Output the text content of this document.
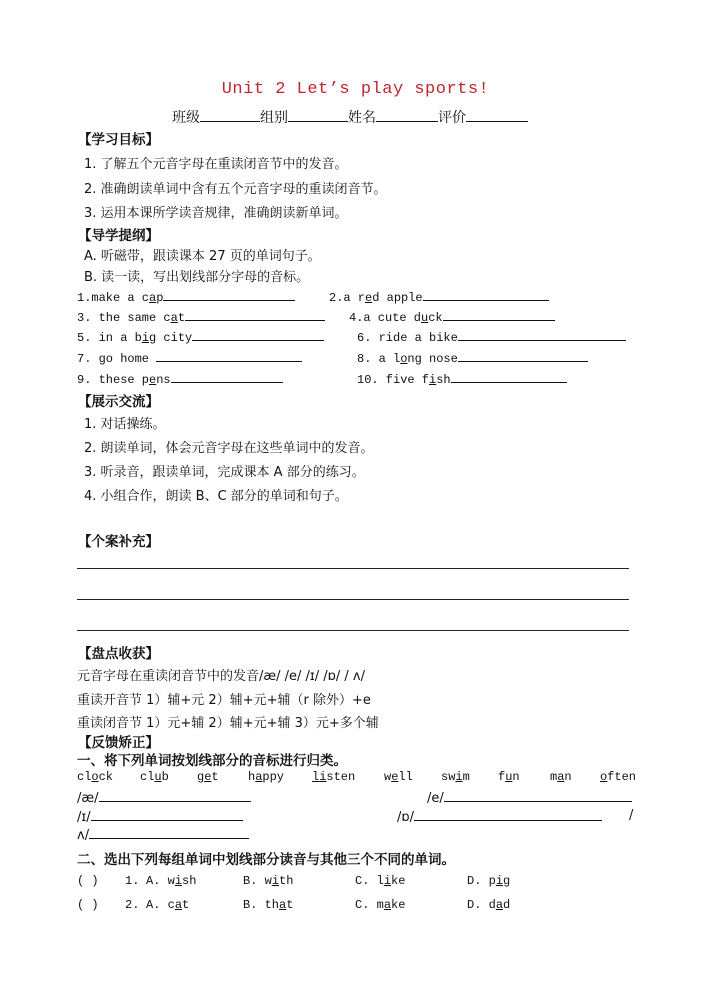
Unit 2 Let’s play sports!
班级	组别	姓名	评价
【学习目标】
1. 了解五个元音字母在重读闭音节中的发音。
2. 准确朗读单词中含有五个元音字母的重读闭音节。
3. 运用本课所学读音规律，准确朗读新单词。
【导学提纲】
A. 听磁带，跟读课本 27 页的单词句子。
B. 读一读，写出划线部分字母的音标。
1.make a cap	2.a red apple
3. the same cat	4.a cute duck
5. in a big city	6. ride a bike
7. go home	8. a long nose
9. these pens	10. five fish
【展示交流】
1. 对话操练。
2. 朗读单词，体会元音字母在这些单词中的发音。
3. 听录音，跟读单词，完成课本 A 部分的练习。
4. 小组合作，朗读 B、C 部分的单词和句子。
【个案补充】
【盘点收获】
元音字母在重读闭音节中的发音/æ/ /e/ /ɪ/ /ɒ/ / ʌ/
重读开音节 1）辅+元 2）辅+元+辅（r 除外）+e
重读闭音节 1）元+辅 2）辅+元+辅 3）元+多个辅
【反馈矫正】
一、将下列单词按划线部分的音标进行归类。
clock club get happy listen well swim fun	man often
/æ/	/e/
/ɪ/	/ɒ/	/
ʌ/
二、选出下列每组单词中划线部分读音与其他三个不同的单词。
( ) 1. A. wish	B. with	C. like	D. pig
( ) 2. A. cat	B. that	C. make	D. dad
